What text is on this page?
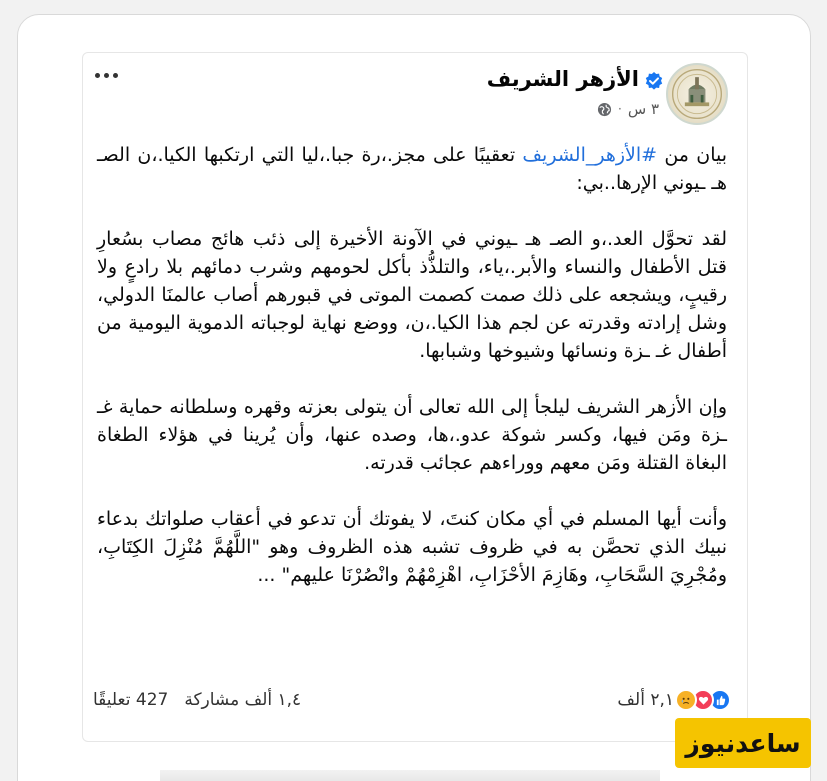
الأزهر الشريف
٣ س
·

بيان من #الأزهر_الشريف تعقيبًا على مجز.،رة جبا.،ليا التي ارتكبها الكيا.،ن الصـ هـ ـيوني الإرها..بي:

لقد تحوَّل العد.،و الصـ هـ ـيوني في الآونة الأخيرة إلى ذئب هائج مصاب بسُعارِ قتل الأطفال والنساء والأبر.،ياء، والتلذُّذ بأكل لحومهم وشرب دمائهم بلا رادعٍ ولا رقيبٍ، ويشجعه على ذلك صمت كصمت الموتى في قبورهم أصاب عالمنَا الدولي، وشل إرادته وقدرته عن لجم هذا الكيا.،ن، ووضع نهاية لوجباته الدموية اليومية من أطفال غـ ـزة ونسائها وشيوخها وشبابها.

وإن الأزهر الشريف ليلجأ إلى الله تعالى أن يتولى بعزته وقهره وسلطانه حماية غـ ـزة ومَن فيها، وكسر شوكة عدو.،ها، وصده عنها، وأن يُرينا في هؤلاء الطغاة البغاة القتلة ومَن معهم ووراءهم عجائب قدرته.

وأنت أيها المسلم في أي مكان كنتَ، لا يفوتك أن تدعو في أعقاب صلواتك بدعاء نبيك الذي تحصَّن به في ظروف تشبه هذه الظروف وهو "اللَّهُمَّ مُنْزِلَ الكِتَابِ، ومُجْرِيَ السَّحَابِ، وهَازِمَ الأحْزَابِ، اهْزِمْهُمْ وانْصُرْنَا عليهم" ...

٢,١ ألف
١,٤ ألف مشاركة
427 تعليقًا
ساعدنیوز
